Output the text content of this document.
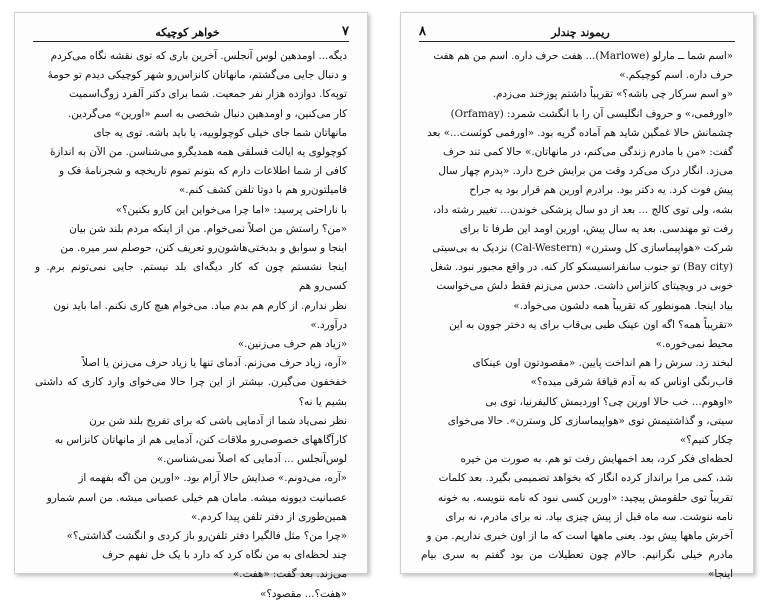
خواهر کوچیکه	۷

دیگه... اومدهین لوس آنجلس. آخرین باری که توی نقشه نگاه می‌کردم

و دنبال جایی می‌گشتم، مانهاتان کانزاس‌رو شهر کوچیکی دیدم تو حومهٔ

توپه‌کا. دوازده هزار نفر جمعیت. شما برای دکتر آلفرد زوگ‌اسمیت

کار می‌کنین، و اومدهین دنبال شخصی به اسم «اورین» می‌گردین.

مانهاتان شما جای خیلی کوچولوییه، یا باید باشه. توی یه جای

کوچولوی یه ایالت قسلقی همه همدیگرو می‌شناسن. من الآن به اندازهٔ

کافی از شما اطلاعات دارم که بتونم تموم تاریخچه و شجرنامهٔ فک و

فامیلتون‌رو هم با دوتا تلفن کشف کنم.»

با ناراحتی پرسید: «اما چرا می‌خواین این کارو بکنین؟»

«من؟ راستش من اصلاً نمی‌خوام. من از اینکه مردم بلند شن بیان

اینجا و سوابق و بدبختی‌هاشون‌رو تعریف کنن، حوصلم سر میره. من

اینجا نشستم چون که کار دیگه‌ای بلد نیستم. جایی نمی‌تونم برم. و کسی‌رو هم

نظر ندارم. از کارم هم بدم میاد. می‌خوام هیچ کاری نکنم. اما باید نون

درآورد.»

«زیاد هم حرف می‌زنین.»

«آره، زیاد حرف می‌زنم. آدمای تنها یا زیاد حرف می‌زنن یا اصلاً

خفخفون می‌گیرن. بیشتر از این چرا حالا می‌خوای وارد کاری که داشتی بشیم یا نه؟

نظر نمی‌یاد شما از آدمایی باشی که برای تفریح بلند شن برن

کارآگاههای خصوصی‌رو ملاقات کنن، آدمایی هم از مانهاتان کانزاس به

لوس‌آنجلس ... آدمایی که اصلاً نمی‌شناسن.»

«آره، می‌دونم.» صدایش حالا آرام بود. «اورین من اگه بفهمه از

عصبانیت دیوونه میشه. مامان هم خیلی عصبانی میشه. من اسم شمارو

همین‌طوری از دفتر تلفن پیدا کردم.»

«چرا من؟ مثل فالگیرا دفتر تلفن‌رو باز کردی و انگشت گذاشتی؟»

چند لحظه‌ای به من نگاه کرد که دارد با یک خل نفهم حرف

می‌زند. بعد گفت: «هفت.»

«هفت؟... مقصود؟»

۸	ریموند چندلر

«اسم شما ــ مارلو (Marlowe)... هفت حرف داره. اسم من هم هفت

حرف داره. اسم کوچیکم.»

«و اسم سرکار چی باشه؟» تقریباً داشتم پوزخند می‌زدم.

«اورفمی،» و حروف انگلیسی آن را با انگشت شمرد: (Orfamay)

چشمانش حالا غمگین شاید هم آماده گریه بود. «اورفمی کوئست...» بعد

گفت: «من با مادرم زندگی می‌کنم، در مانهاتان.» حالا کمی تند حرف

می‌زد. انگار درک می‌کرد وقت من برایش خرج دارد. «پدرم چهار سال

پیش فوت کرد. یه دکتر بود. برادرم اورین هم قرار بود یه جراح

بشه، ولی توی کالج ... بعد از دو سال پزشکی خوندن... تغییر رشته داد،

رفت تو مهندسی. بعد یه سال پیش، اورین اومد این طرفا تا برای

شرکت «هواپیماسازی کل وسترن» (Cal-Western) نزدیک به بی‌سیتی

(Bay city) تو جنوب سانفرانسیسکو کار کنه. در واقع مجبور نبود. شغل

خوبی در ویچیتای کانزاس داشت. حدس می‌زنم فقط دلش می‌خواست

بیاد اینجا. همونطور که تقریباً همه دلشون می‌خواد.»

«تقریباً همه؟ اگه اون عینک طبی بی‌قاب برای یه دختر جوون به این

محیط نمی‌خوره.»

لبخند زد. سرش را هم انداخت پایین. «مقصودتون اون عینکای

قاب‌رنگی اوناس که به آدم قیافهٔ شرقی میده؟»

«اوهوم... خب حالا اورین چی؟ اوردیمش کالیفرنیا، توی بی

سیتی، و گذاشتیمش توی «هواپیماسازی کل وسترن». حالا می‌خوای

چکار کنیم؟»

لحظه‌ای فکر کرد، بعد اخمهایش رفت تو هم. به صورت من خیره

شد، کمی مرا برانداز کرده انگار که بخواهد تصمیمی بگیرد. بعد کلمات

تقریباً توی حلقومش پیچید: «اورین کسی نبود که نامه ننویسه. به خونه

نامه ننوشت. سه ماه قبل از پیش چیزی بیاد. نه برای مادرم، نه برای

آخرش ماهها پیش بود. یعنی ماهها است که ما از اون خبری نداریم. من و

مادرم خیلی نگرانیم. حالام چون تعطیلات من بود گفتم به سری بیام اینجا»
